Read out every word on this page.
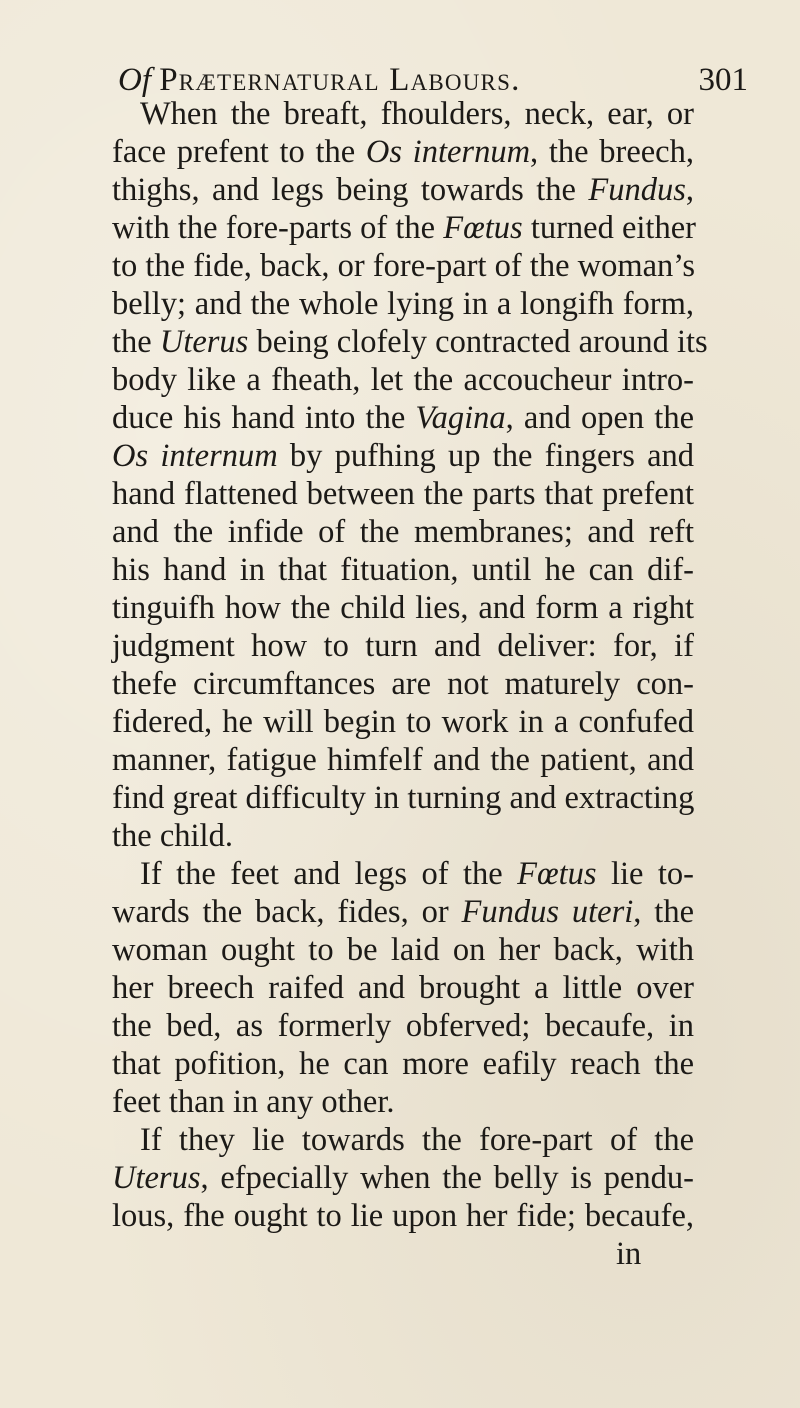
Of Præternatural Labours.	301
When the breaft, fhoulders, neck, ear, or
face prefent to the Os internum, the breech,
thighs, and legs being towards the Fundus,
with the fore-parts of the Fœtus turned either
to the fide, back, or fore-part of the woman’s
belly; and the whole lying in a longifh form,
the Uterus being clofely contracted around its
body like a fheath, let the accoucheur intro-
duce his hand into the Vagina, and open the
Os internum by pufhing up the fingers and
hand flattened between the parts that prefent
and the infide of the membranes; and reft
his hand in that fituation, until he can dif-
tinguifh how the child lies, and form a right
judgment how to turn and deliver: for, if
thefe circumftances are not maturely con-
fidered, he will begin to work in a confufed
manner, fatigue himfelf and the patient, and
find great difficulty in turning and extracting
the child.
If the feet and legs of the Fœtus lie to-
wards the back, fides, or Fundus uteri, the
woman ought to be laid on her back, with
her breech raifed and brought a little over
the bed, as formerly obferved; becaufe, in
that pofition, he can more eafily reach the
feet than in any other.
If they lie towards the fore-part of the
Uterus, efpecially when the belly is pendu-
lous, fhe ought to lie upon her fide; becaufe,
in
